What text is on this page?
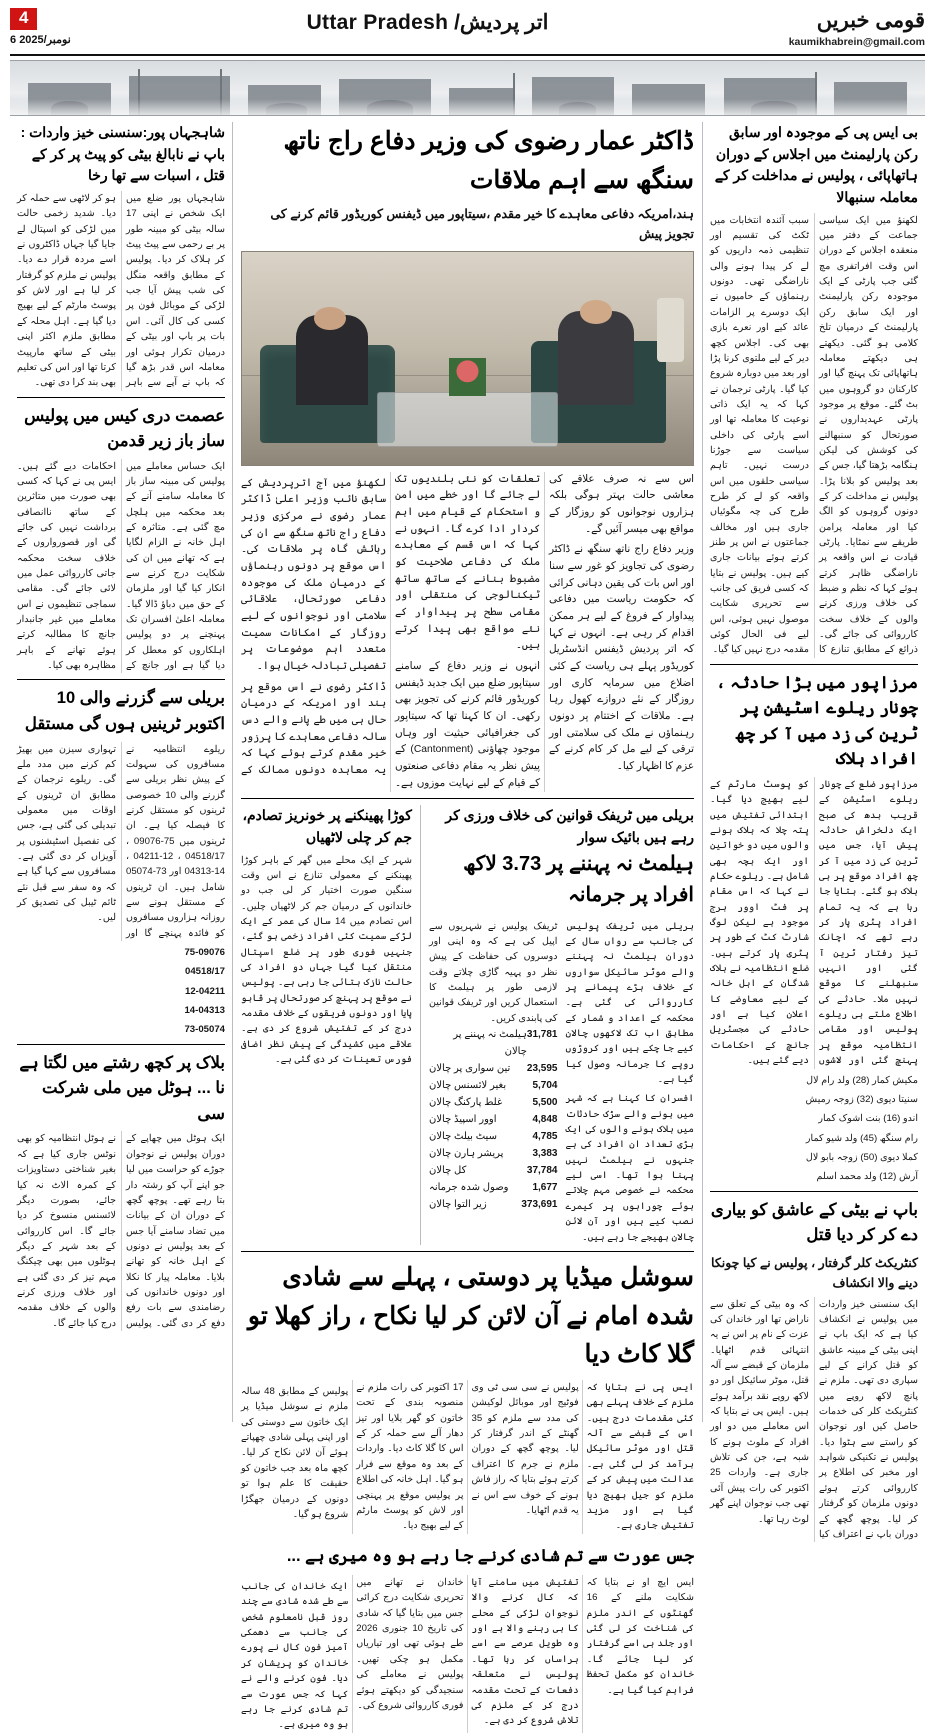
4
6 نومبر/2025
اتر پردیش/ Uttar Pradesh	قومی خبریں
kaumikhabrein@gmail.com
بی ایس پی کے موجودہ اور سابق رکن پارلیمنٹ میں اجلاس کے دوران ہاتھاپائی ، پولیس نے مداخلت کر کے معاملہ سنبھالا
لکھنؤ میں ایک سیاسی جماعت کے دفتر میں منعقدہ اجلاس کے دوران اس وقت افراتفری مچ گئی جب پارٹی کے ایک موجودہ رکن پارلیمنٹ اور ایک سابق رکن پارلیمنٹ کے درمیان تلخ کلامی ہو گئی۔ دیکھتے ہی دیکھتے معاملہ ہاتھاپائی تک پہنچ گیا اور کارکنان دو گروہوں میں بٹ گئے۔ موقع پر موجود پارٹی عہدیداروں نے صورتحال کو سنبھالنے کی کوشش کی لیکن ہنگامہ بڑھتا گیا، جس کے بعد پولیس کو بلانا پڑا۔ پولیس نے مداخلت کر کے دونوں گروہوں کو الگ کیا اور معاملہ پرامن طریقے سے نمٹایا۔ پارٹی قیادت نے اس واقعہ پر ناراضگی ظاہر کرتے ہوئے کہا کہ نظم و ضبط کی خلاف ورزی کرنے والوں کے خلاف سخت کارروائی کی جائے گی۔ ذرائع کے مطابق تنازع کا سبب آئندہ انتخابات میں ٹکٹ کی تقسیم اور تنظیمی ذمہ داریوں کو لے کر پیدا ہونے والی ناراضگی تھی۔ دونوں رہنماؤں کے حامیوں نے ایک دوسرے پر الزامات عائد کیے اور نعرے بازی بھی کی۔ اجلاس کچھ دیر کے لیے ملتوی کرنا پڑا اور بعد میں دوبارہ شروع کیا گیا۔ پارٹی ترجمان نے کہا کہ یہ ایک ذاتی نوعیت کا معاملہ تھا اور اسے پارٹی کی داخلی سیاست سے جوڑنا درست نہیں۔ تاہم سیاسی حلقوں میں اس واقعہ کو لے کر طرح طرح کی چہ مگوئیاں جاری ہیں اور مخالف جماعتوں نے اس پر طنز کرتے ہوئے بیانات جاری کیے ہیں۔ پولیس نے بتایا کہ کسی فریق کی جانب سے تحریری شکایت موصول نہیں ہوئی، اس لیے فی الحال کوئی مقدمہ درج نہیں کیا گیا۔
مرزاپور میں بڑا حادثہ ، چونار ریلوے اسٹیشن پر ٹرین کی زد میں آ کر چھ افراد ہلاک
مرزاپور ضلع کے چونار ریلوے اسٹیشن کے قریب بدھ کی صبح ایک دلخراش حادثہ پیش آیا، جس میں ٹرین کی زد میں آ کر چھ افراد موقع پر ہی ہلاک ہو گئے۔ بتایا جا رہا ہے کہ یہ تمام افراد پٹری پار کر رہے تھے کہ اچانک تیز رفتار ٹرین آ گئی اور انہیں سنبھلنے کا موقع نہیں ملا۔ حادثے کی اطلاع ملتے ہی ریلوے پولیس اور مقامی انتظامیہ موقع پر پہنچ گئی اور لاشوں کو پوسٹ مارٹم کے لیے بھیج دیا گیا۔ ابتدائی تفتیش میں پتہ چلا کہ ہلاک ہونے والوں میں دو خواتین اور ایک بچہ بھی شامل ہے۔ ریلوے حکام نے کہا کہ اس مقام پر فٹ اوور برج موجود ہے لیکن لوگ شارٹ کٹ کے طور پر پٹری پار کرتے ہیں۔ ضلع انتظامیہ نے ہلاک شدگان کے اہل خانہ کے لیے معاوضے کا اعلان کیا ہے اور حادثے کی مجسٹریل جانچ کے احکامات دیے گئے ہیں۔
مکیش کمار (28) ولد رام لال
سنیتا دیوی (32) زوجہ رمیش
اندو (16) بنت اشوک کمار
رام سنگھ (45) ولد شیو کمار
کملا دیوی (50) زوجہ بابو لال
آرش (12) ولد محمد اسلم
باپ نے بیٹی کے عاشق کو بیاری دے کر کر دیا قتل
کنٹریکٹ کلر گرفتار ، پولیس نے کیا چونکا دینے والا انکشاف
ایک سنسنی خیز واردات میں پولیس نے انکشاف کیا ہے کہ ایک باپ نے اپنی بیٹی کے مبینہ عاشق کو قتل کرانے کے لیے سپاری دی تھی۔ ملزم نے پانچ لاکھ روپے میں کنٹریکٹ کلر کی خدمات حاصل کیں اور نوجوان کو راستے سے ہٹوا دیا۔ پولیس نے تکنیکی شواہد اور مخبر کی اطلاع پر کارروائی کرتے ہوئے دونوں ملزمان کو گرفتار کر لیا۔ پوچھ گچھ کے دوران باپ نے اعتراف کیا کہ وہ بیٹی کے تعلق سے ناراض تھا اور خاندان کی عزت کے نام پر اس نے یہ انتہائی قدم اٹھایا۔ ملزمان کے قبضے سے آلہ قتل، موٹر سائیکل اور دو لاکھ روپے نقد برآمد ہوئے ہیں۔ ایس پی نے بتایا کہ اس معاملے میں دو اور افراد کے ملوث ہونے کا شبہ ہے، جن کی تلاش جاری ہے۔ واردات 25 اکتوبر کی رات پیش آئی تھی جب نوجوان اپنے گھر لوٹ رہا تھا۔
ڈاکٹر عمار رضوی کی وزیر دفاع راج ناتھ سنگھ سے اہم ملاقات
ہند،امریکہ دفاعی معاہدے کا خیر مقدم ،سیتاپور میں ڈیفنس کوریڈور قائم کرنے کی تجویز پیش
لکھنؤ میں آج اترپردیش کے سابق نائب وزیر اعلیٰ ڈاکٹر عمار رضوی نے مرکزی وزیر دفاع راج ناتھ سنگھ سے ان کی رہائش گاہ پر ملاقات کی۔ اس موقع پر دونوں رہنماؤں کے درمیان ملک کی موجودہ دفاعی صورتحال، علاقائی سلامتی اور نوجوانوں کے لیے روزگار کے امکانات سمیت متعدد اہم موضوعات پر تفصیلی تبادلہ خیال ہوا۔
ڈاکٹر رضوی نے اس موقع پر ہند اور امریکہ کے درمیان حال ہی میں طے پانے والے دس سالہ دفاعی معاہدے کا پرزور خیر مقدم کرتے ہوئے کہا کہ یہ معاہدہ دونوں ممالک کے تعلقات کو نئی بلندیوں تک لے جائے گا اور خطے میں امن و استحکام کے قیام میں اہم کردار ادا کرے گا۔ انہوں نے کہا کہ اس قسم کے معاہدے ملک کی دفاعی صلاحیت کو مضبوط بنانے کے ساتھ ساتھ ٹیکنالوجی کی منتقلی اور مقامی سطح پر پیداوار کے نئے مواقع بھی پیدا کرتے ہیں۔
انہوں نے وزیر دفاع کے سامنے سیتاپور ضلع میں ایک جدید ڈیفنس کوریڈور قائم کرنے کی تجویز بھی رکھی۔ ان کا کہنا تھا کہ سیتاپور کی جغرافیائی حیثیت اور وہاں موجود چھاؤنی (Cantonment) کے پیش نظر یہ مقام دفاعی صنعتوں کے قیام کے لیے نہایت موزوں ہے۔ اس سے نہ صرف علاقے کی معاشی حالت بہتر ہوگی بلکہ ہزاروں نوجوانوں کو روزگار کے مواقع بھی میسر آئیں گے۔
وزیر دفاع راج ناتھ سنگھ نے ڈاکٹر رضوی کی تجاویز کو غور سے سنا اور اس بات کی یقین دہانی کرائی کہ حکومت ریاست میں دفاعی پیداوار کے فروغ کے لیے ہر ممکن اقدام کر رہی ہے۔ انہوں نے کہا کہ اتر پردیش ڈیفنس انڈسٹریل کوریڈور پہلے ہی ریاست کے کئی اضلاع میں سرمایہ کاری اور روزگار کے نئے دروازے کھول رہا ہے۔ ملاقات کے اختتام پر دونوں رہنماؤں نے ملک کی سلامتی اور ترقی کے لیے مل کر کام کرنے کے عزم کا اظہار کیا۔
بریلی میں ٹریفک قوانین کی خلاف ورزی کر رہے ہیں بائیک سوار
ہیلمٹ نہ پہننے پر 3.73 لاکھ افراد پر جرمانہ
بریلی میں ٹریفک پولیس کی جانب سے رواں سال کے دوران ہیلمٹ نہ پہننے والے موٹر سائیکل سواروں کے خلاف بڑے پیمانے پر کارروائی کی گئی ہے۔ محکمہ کے اعداد و شمار کے مطابق اب تک لاکھوں چالان کیے جا چکے ہیں اور کروڑوں روپے کا جرمانہ وصول کیا گیا ہے۔
افسران کا کہنا ہے کہ شہر میں ہونے والے سڑک حادثات میں ہلاک ہونے والوں کی ایک بڑی تعداد ان افراد کی ہے جنہوں نے ہیلمٹ نہیں پہنا ہوا تھا۔ اسی لیے محکمہ نے خصوصی مہم چلاتے ہوئے چوراہوں پر کیمرے نصب کیے ہیں اور آن لائن چالان بھیجے جا رہے ہیں۔
ٹریفک پولیس نے شہریوں سے اپیل کی ہے کہ وہ اپنی اور دوسروں کی حفاظت کے پیش نظر دو پہیہ گاڑی چلاتے وقت لازمی طور پر ہیلمٹ کا استعمال کریں اور ٹریفک قوانین کی پابندی کریں۔
31,781
ہیلمٹ نہ پہننے پر چالان
23,595
تین سواری پر چالان
5,704
بغیر لائسنس چالان
5,500
غلط پارکنگ چالان
4,848
اوور اسپیڈ چالان
4,785
سیٹ بیلٹ چالان
3,383
پریشر ہارن چالان
37,784
کل چالان
1,677
وصول شدہ جرمانہ
373,691
زیر التوا چالان
کوڑا پھینکنے پر خونریز تصادم، جم کر چلی لاٹھیاں
شہر کے ایک محلے میں گھر کے باہر کوڑا پھینکنے کے معمولی تنازع نے اس وقت سنگین صورت اختیار کر لی جب دو خاندانوں کے درمیان جم کر لاٹھیاں چلیں۔ اس تصادم میں 14 سال کی عمر کے ایک لڑکے سمیت کئی افراد زخمی ہو گئے، جنہیں فوری طور پر ضلع اسپتال منتقل کیا گیا جہاں دو افراد کی حالت نازک بتائی جا رہی ہے۔ پولیس نے موقع پر پہنچ کر صورتحال پر قابو پایا اور دونوں فریقوں کے خلاف مقدمہ درج کر کے تفتیش شروع کر دی ہے۔ علاقے میں کشیدگی کے پیش نظر اضافی فورس تعینات کر دی گئی ہے۔
سوشل میڈیا پر دوستی ، پہلے سے شادی شدہ امام نے آن لائن کر لیا نکاح ، راز کھلا تو گلا کاٹ دیا
پولیس کے مطابق 48 سالہ ملزم نے سوشل میڈیا پر ایک خاتون سے دوستی کی اور اپنی پہلی شادی چھپاتے ہوئے آن لائن نکاح کر لیا۔ کچھ ماہ بعد جب خاتون کو حقیقت کا علم ہوا تو دونوں کے درمیان جھگڑا شروع ہو گیا۔
17 اکتوبر کی رات ملزم نے منصوبہ بندی کے تحت خاتون کو گھر بلایا اور تیز دھار آلے سے حملہ کر کے اس کا گلا کاٹ دیا۔ واردات کے بعد وہ موقع سے فرار ہو گیا۔ اہل خانہ کی اطلاع پر پولیس موقع پر پہنچی اور لاش کو پوسٹ مارٹم کے لیے بھیج دیا۔
پولیس نے سی سی ٹی وی فوٹیج اور موبائل لوکیشن کی مدد سے ملزم کو 35 گھنٹے کے اندر گرفتار کر لیا۔ پوچھ گچھ کے دوران ملزم نے جرم کا اعتراف کرتے ہوئے بتایا کہ راز فاش ہونے کے خوف سے اس نے یہ قدم اٹھایا۔
ایس پی نے بتایا کہ ملزم کے خلاف پہلے بھی کئی مقدمات درج ہیں۔ اس کے قبضے سے آلہ قتل اور موٹر سائیکل برآمد کر لی گئی ہے۔ عدالت میں پیش کر کے ملزم کو جیل بھیج دیا گیا ہے اور مزید تفتیش جاری ہے۔
جس عورت سے تم شادی کرنے جا رہے ہو وہ میری ہے ...
ایک خاندان کی جانب سے طے شدہ شادی سے چند روز قبل نامعلوم شخص کی جانب سے دھمکی آمیز فون کال نے پورے خاندان کو پریشان کر دیا۔ فون کرنے والے نے کہا کہ جس عورت سے تم شادی کرنے جا رہے ہو وہ میری ہے۔
خاندان نے تھانے میں تحریری شکایت درج کرائی جس میں بتایا گیا کہ شادی کی تاریخ 10 جنوری 2026 طے ہوئی تھی اور تیاریاں مکمل ہو چکی تھیں۔ پولیس نے معاملے کی سنجیدگی کو دیکھتے ہوئے فوری کارروائی شروع کی۔
تفتیش میں سامنے آیا کہ کال کرنے والا نوجوان لڑکی کے محلے کا ہی رہنے والا ہے اور وہ طویل عرصے سے اسے ہراساں کر رہا تھا۔ پولیس نے متعلقہ دفعات کے تحت مقدمہ درج کر کے ملزم کی تلاش شروع کر دی ہے۔
ایس ایچ او نے بتایا کہ شکایت ملنے کے 16 گھنٹوں کے اندر ملزم کی شناخت کر لی گئی اور جلد ہی اسے گرفتار کر لیا جائے گا۔ خاندان کو مکمل تحفظ فراہم کیا گیا ہے۔
شاہجہاں پور:سنسنی خیز واردات : باپ نے نابالغ بیٹی کو پیٹ پر کر کے قتل ، اسبات سے تھا رخا
شاہجہاں پور ضلع میں ایک شخص نے اپنی 17 سالہ بیٹی کو مبینہ طور پر بے رحمی سے پیٹ پیٹ کر ہلاک کر دیا۔ پولیس کے مطابق واقعہ منگل کی شب پیش آیا جب لڑکی کے موبائل فون پر کسی کی کال آئی۔ اس بات پر باپ اور بیٹی کے درمیان تکرار ہوئی اور معاملہ اس قدر بڑھ گیا کہ باپ نے آپے سے باہر ہو کر لاٹھی سے حملہ کر دیا۔ شدید زخمی حالت میں لڑکی کو اسپتال لے جایا گیا جہاں ڈاکٹروں نے اسے مردہ قرار دے دیا۔ پولیس نے ملزم کو گرفتار کر لیا ہے اور لاش کو پوسٹ مارٹم کے لیے بھیج دیا گیا ہے۔ اہل محلہ کے مطابق ملزم اکثر اپنی بیٹی کے ساتھ مارپیٹ کرتا تھا اور اس کی تعلیم بھی بند کرا دی تھی۔
عصمت دری کیس میں پولیس ساز باز زیر قدمن
ایک حساس معاملے میں پولیس کی مبینہ ساز باز کا معاملہ سامنے آنے کے بعد محکمہ میں ہلچل مچ گئی ہے۔ متاثرہ کے اہل خانہ نے الزام لگایا ہے کہ تھانے میں ان کی شکایت درج کرنے سے انکار کیا گیا اور ملزمان کے حق میں دباؤ ڈالا گیا۔ معاملہ اعلیٰ افسران تک پہنچنے پر دو پولیس اہلکاروں کو معطل کر دیا گیا ہے اور جانچ کے احکامات دیے گئے ہیں۔ ایس پی نے کہا کہ کسی بھی صورت میں متاثرین کے ساتھ ناانصافی برداشت نہیں کی جائے گی اور قصورواروں کے خلاف سخت محکمہ جاتی کارروائی عمل میں لائی جائے گی۔ مقامی سماجی تنظیموں نے اس معاملے میں غیر جانبدار جانچ کا مطالبہ کرتے ہوئے تھانے کے باہر مظاہرہ بھی کیا۔
بریلی سے گزرنے والی 10 اکتوبر ٹرینیں ہوں گی مستقل
ریلوے انتظامیہ نے مسافروں کی سہولت کے پیش نظر بریلی سے گزرنے والی 10 خصوصی ٹرینوں کو مستقل کرنے کا فیصلہ کیا ہے۔ ان ٹرینوں میں 75-09076 ، 04518/17 ، 12-04211 ، 14-04313 اور 73-05074 شامل ہیں۔ ان ٹرینوں کے مستقل ہونے سے روزانہ ہزاروں مسافروں کو فائدہ پہنچے گا اور تہواری سیزن میں بھیڑ کم کرنے میں مدد ملے گی۔ ریلوے ترجمان کے مطابق ان ٹرینوں کے اوقات میں معمولی تبدیلی کی گئی ہے، جس کی تفصیل اسٹیشنوں پر آویزاں کر دی گئی ہے۔ مسافروں سے کہا گیا ہے کہ وہ سفر سے قبل نئے ٹائم ٹیبل کی تصدیق کر لیں۔
75-09076
04518/17
12-04211
14-04313
73-05074
بلاک پر کچھ رشتے میں لگتا ہے نا ... ہوٹل میں ملی شرکت سی
ایک ہوٹل میں چھاپے کے دوران پولیس نے نوجوان جوڑے کو حراست میں لیا جو اپنے آپ کو رشتہ دار بتا رہے تھے۔ پوچھ گچھ کے دوران ان کے بیانات میں تضاد سامنے آیا جس کے بعد پولیس نے دونوں کے اہل خانہ کو تھانے بلایا۔ معاملہ پیار کا نکلا اور دونوں خاندانوں کی رضامندی سے بات رفع دفع کر دی گئی۔ پولیس نے ہوٹل انتظامیہ کو بھی نوٹس جاری کیا ہے کہ بغیر شناختی دستاویزات کے کمرہ الاٹ نہ کیا جائے، بصورت دیگر لائسنس منسوخ کر دیا جائے گا۔ اس کارروائی کے بعد شہر کے دیگر ہوٹلوں میں بھی چیکنگ مہم تیز کر دی گئی ہے اور خلاف ورزی کرنے والوں کے خلاف مقدمہ درج کیا جائے گا۔
